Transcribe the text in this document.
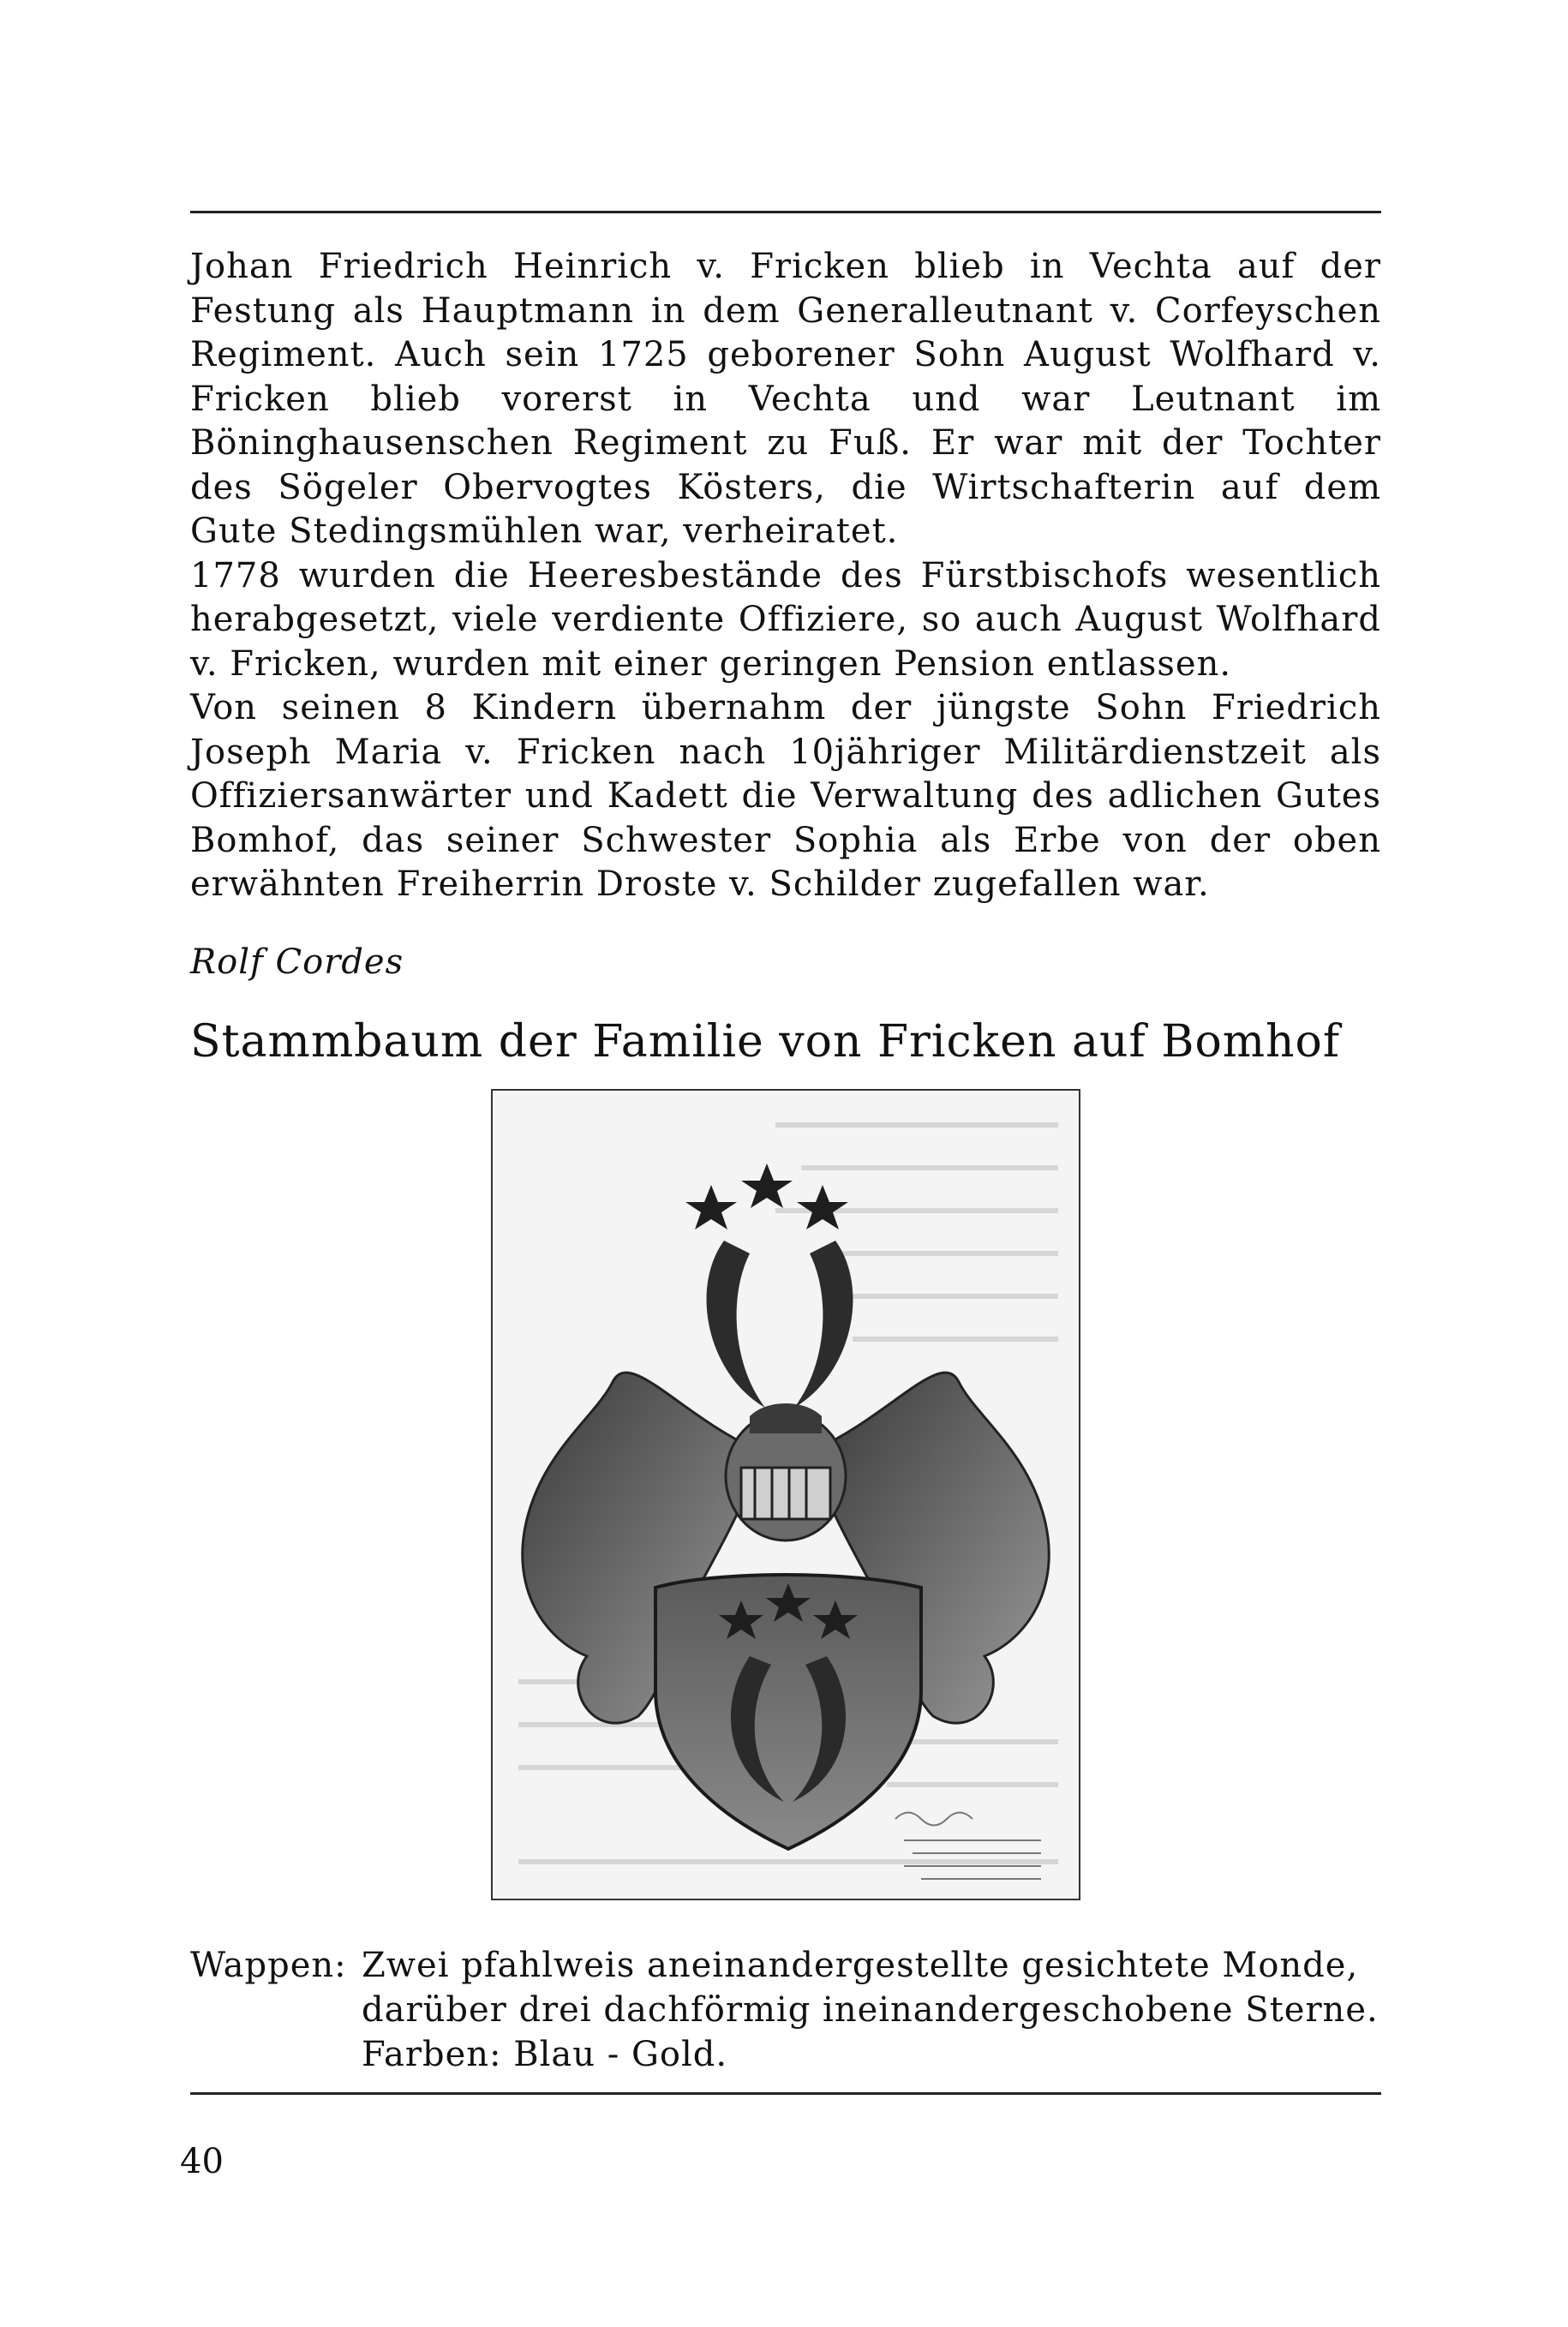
Johan Friedrich Heinrich v. Fricken blieb in Vechta auf der Festung als Hauptmann in dem Generalleutnant v. Corfeyschen Regiment. Auch sein 1725 geborener Sohn August Wolfhard v. Fricken blieb vorerst in Vechta und war Leutnant im Böninghausenschen Regiment zu Fuß. Er war mit der Tochter des Sögeler Obervogtes Kösters, die Wirtschafterin auf dem Gute Stedingsmühlen war, verheiratet.

1778 wurden die Heeresbestände des Fürstbischofs wesentlich herabgesetzt, viele verdiente Offiziere, so auch August Wolfhard v. Fricken, wurden mit einer geringen Pension entlassen.

Von seinen 8 Kindern übernahm der jüngste Sohn Friedrich Joseph Maria v. Fricken nach 10jähriger Militärdienstzeit als Offiziersanwärter und Kadett die Verwaltung des adlichen Gutes Bomhof, das seiner Schwester Sophia als Erbe von der oben erwähnten Freiherrin Droste v. Schilder zugefallen war.

Rolf Cordes
Stammbaum der Familie von Fricken auf Bomhof
Wappen: Zwei pfahlweis aneinandergestellte gesichtete Monde,
darüber drei dachförmig ineinandergeschobene Sterne.
Farben: Blau - Gold.
40
